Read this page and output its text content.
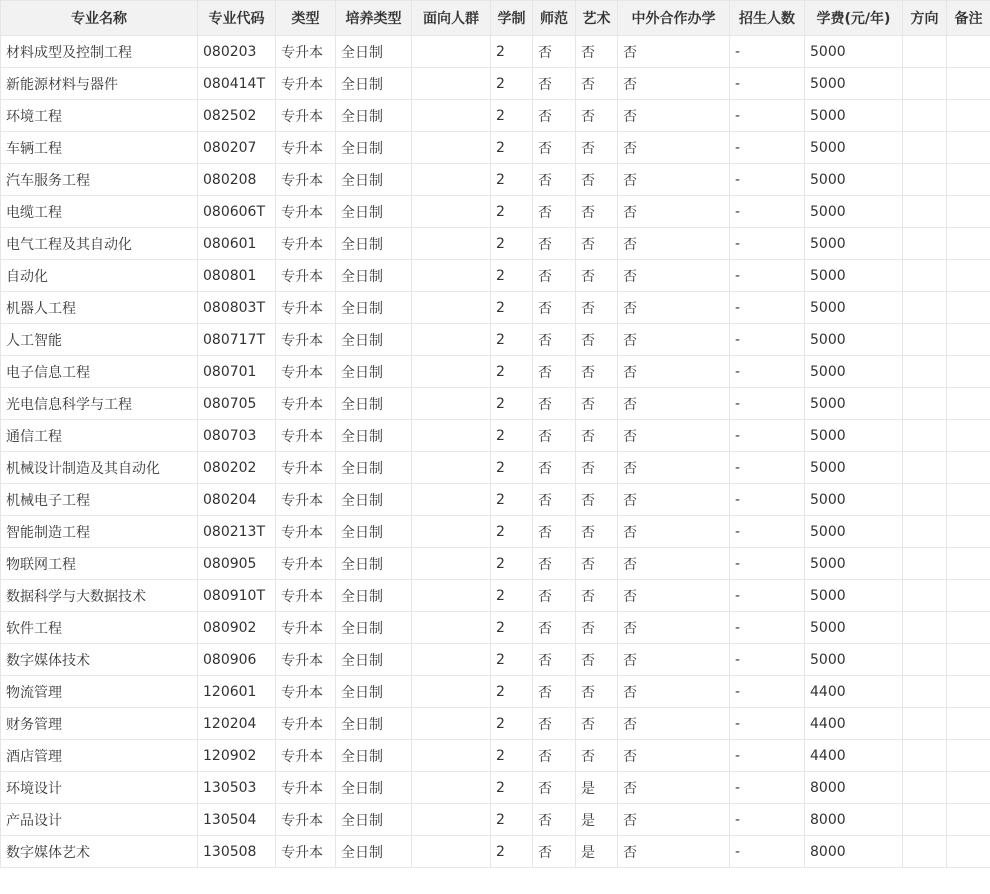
专业名称	专业代码	类型	培养类型	面向人群	学制	师范	艺术	中外合作办学	招生人数	学费(元/年)	方向	备注
材料成型及控制工程	080203	专升本	全日制		2	否	否	否	-	5000		
新能源材料与器件	080414T	专升本	全日制		2	否	否	否	-	5000		
环境工程	082502	专升本	全日制		2	否	否	否	-	5000		
车辆工程	080207	专升本	全日制		2	否	否	否	-	5000		
汽车服务工程	080208	专升本	全日制		2	否	否	否	-	5000		
电缆工程	080606T	专升本	全日制		2	否	否	否	-	5000		
电气工程及其自动化	080601	专升本	全日制		2	否	否	否	-	5000		
自动化	080801	专升本	全日制		2	否	否	否	-	5000		
机器人工程	080803T	专升本	全日制		2	否	否	否	-	5000		
人工智能	080717T	专升本	全日制		2	否	否	否	-	5000		
电子信息工程	080701	专升本	全日制		2	否	否	否	-	5000		
光电信息科学与工程	080705	专升本	全日制		2	否	否	否	-	5000		
通信工程	080703	专升本	全日制		2	否	否	否	-	5000		
机械设计制造及其自动化	080202	专升本	全日制		2	否	否	否	-	5000		
机械电子工程	080204	专升本	全日制		2	否	否	否	-	5000		
智能制造工程	080213T	专升本	全日制		2	否	否	否	-	5000		
物联网工程	080905	专升本	全日制		2	否	否	否	-	5000		
数据科学与大数据技术	080910T	专升本	全日制		2	否	否	否	-	5000		
软件工程	080902	专升本	全日制		2	否	否	否	-	5000		
数字媒体技术	080906	专升本	全日制		2	否	否	否	-	5000		
物流管理	120601	专升本	全日制		2	否	否	否	-	4400		
财务管理	120204	专升本	全日制		2	否	否	否	-	4400		
酒店管理	120902	专升本	全日制		2	否	否	否	-	4400		
环境设计	130503	专升本	全日制		2	否	是	否	-	8000		
产品设计	130504	专升本	全日制		2	否	是	否	-	8000		
数字媒体艺术	130508	专升本	全日制		2	否	是	否	-	8000		
